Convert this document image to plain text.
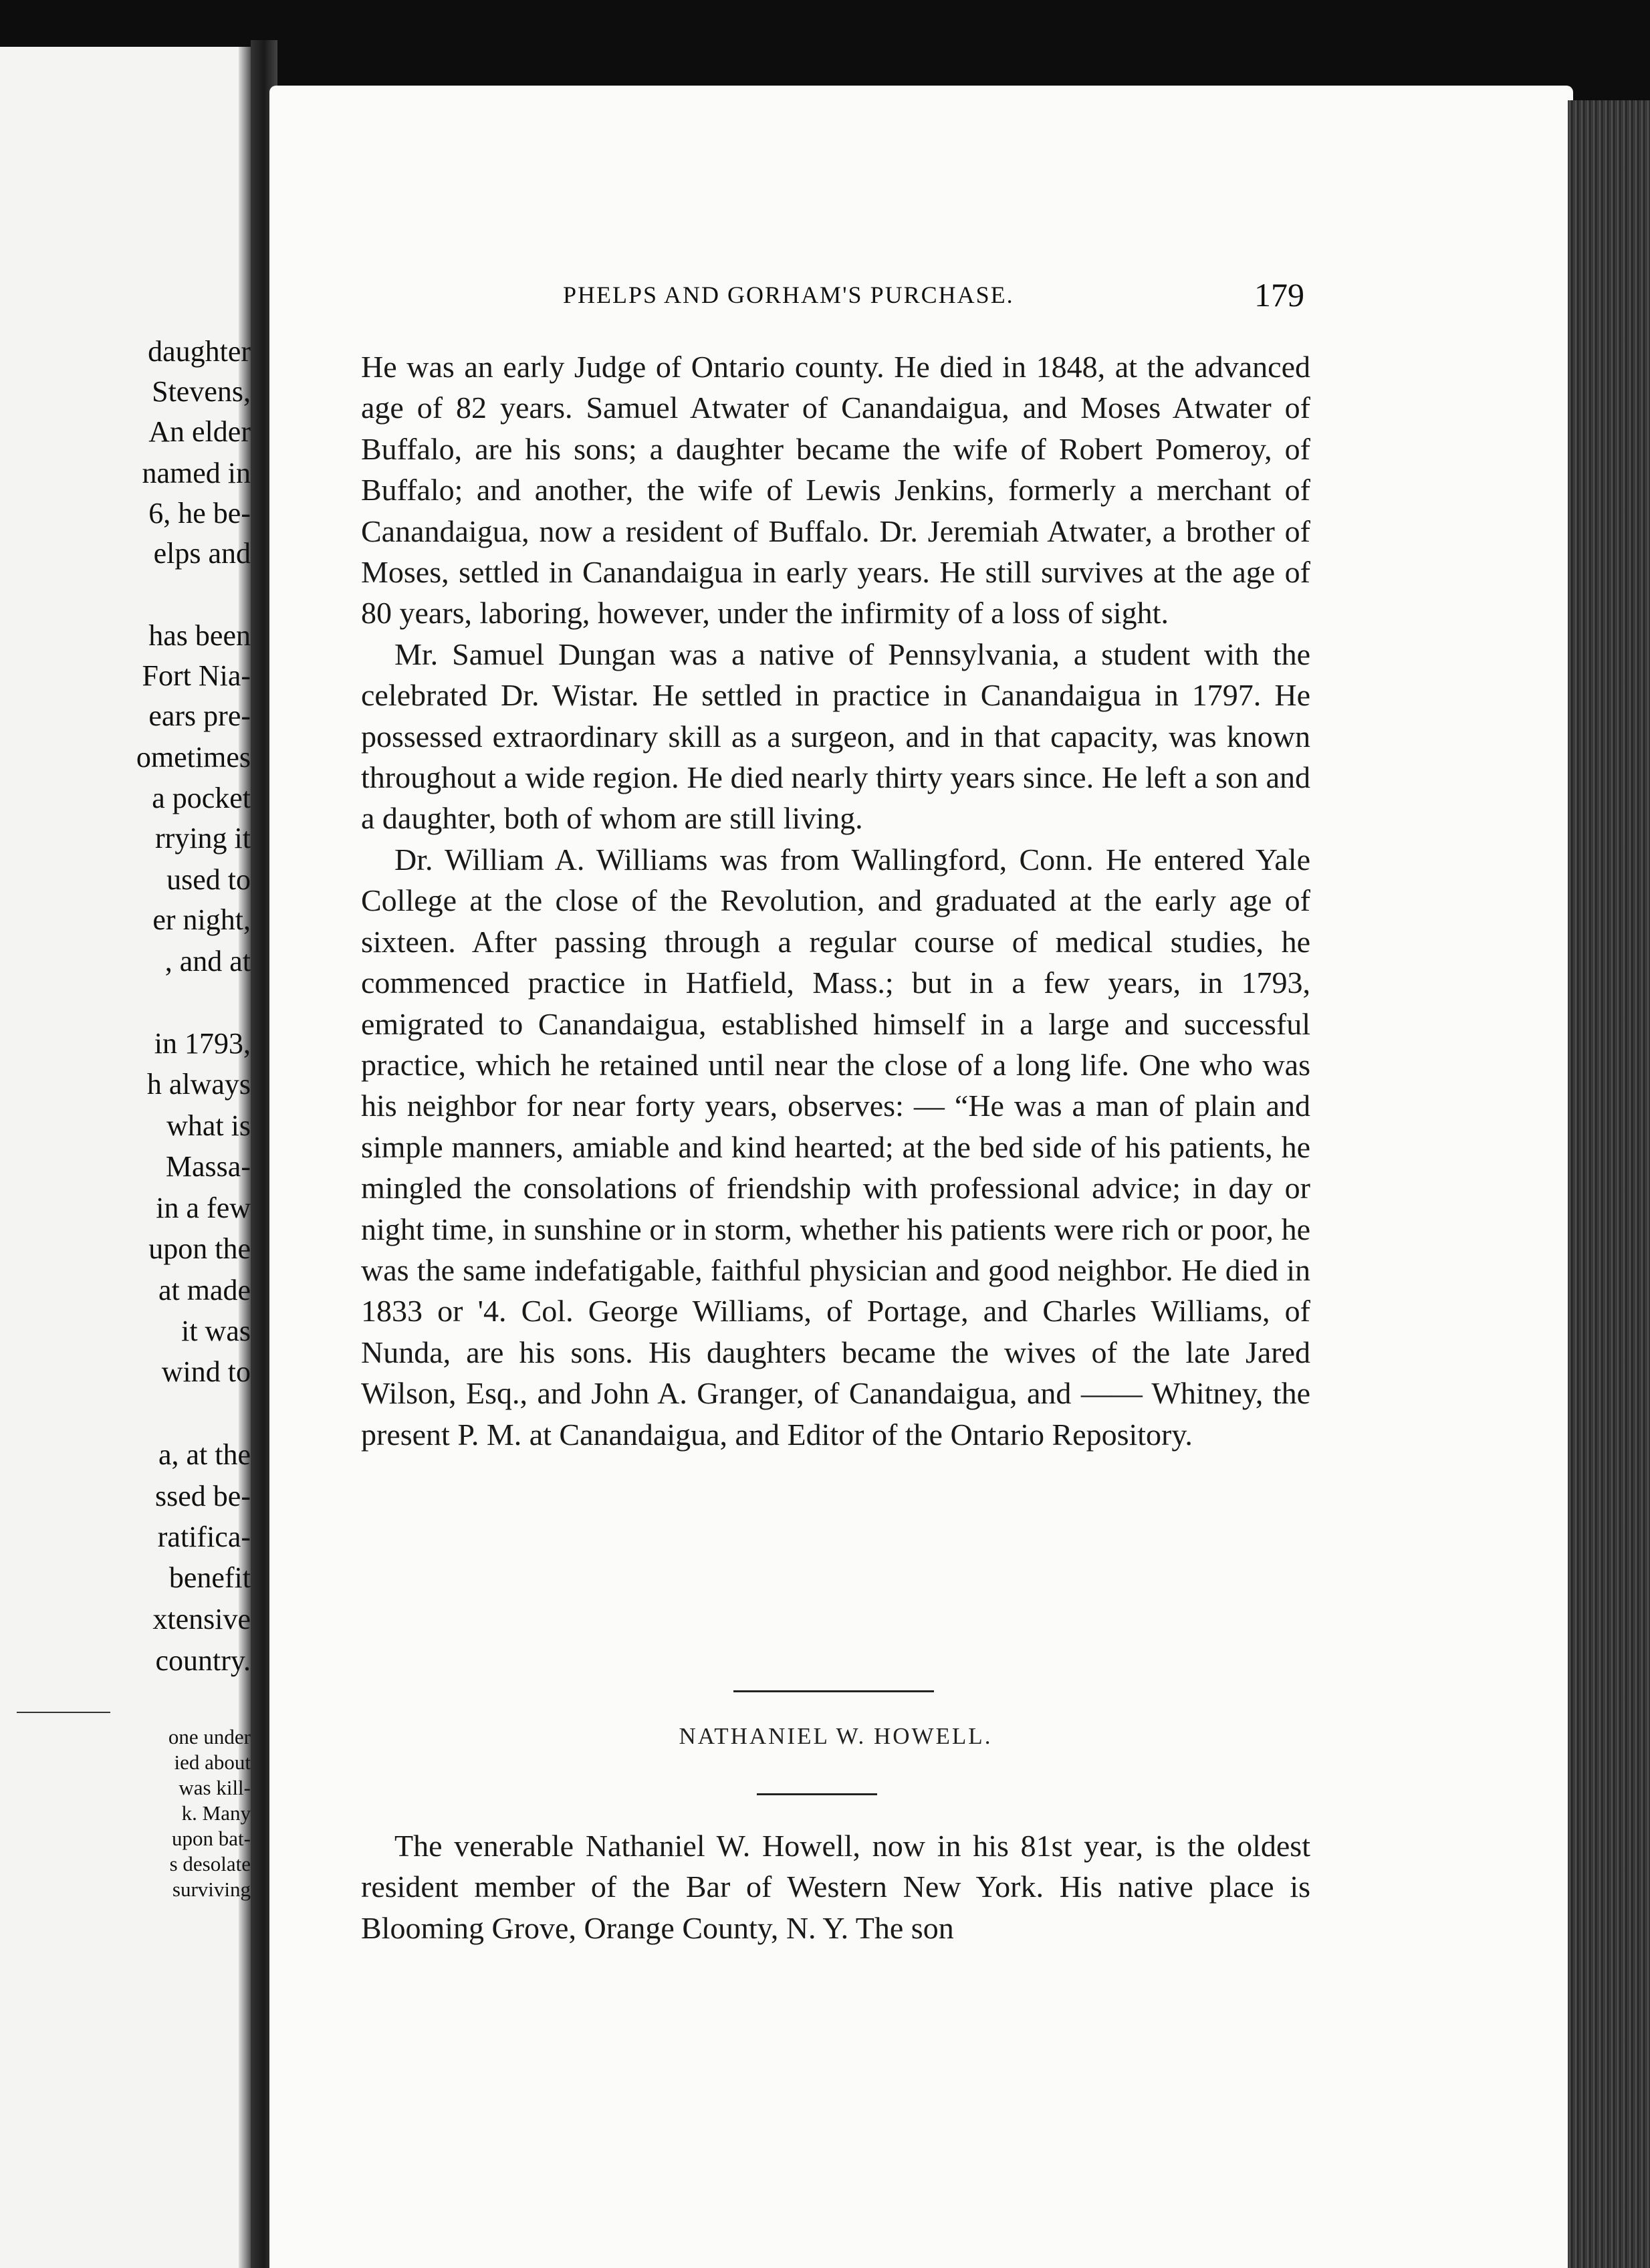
daughter
Stevens,
An elder
named in
6, he be-
elps and
has been
Fort Nia-
ears pre-
ometimes
a pocket
rrying it
used to
er night,
, and at
in 1793,
h always
what is
Massa-
in a few
upon the
at made
it was
wind to
a, at the
ssed be-
ratifica-
benefit
xtensive
country.
one under
ied about
was kill-
k. Many
upon bat-
s desolate
surviving
PHELPS AND GORHAM'S PURCHASE.	179

He was an early Judge of Ontario county. He died in 1848, at the advanced age of 82 years. Samuel Atwater of Canandaigua, and Moses Atwater of Buffalo, are his sons; a daughter became the wife of Robert Pomeroy, of Buffalo; and another, the wife of Lewis Jenkins, formerly a merchant of Canandaigua, now a resident of Buffalo. Dr. Jeremiah Atwater, a brother of Moses, settled in Canandaigua in early years. He still survives at the age of 80 years, laboring, however, under the infirmity of a loss of sight.

Mr. Samuel Dungan was a native of Pennsylvania, a student with the celebrated Dr. Wistar. He settled in practice in Canandaigua in 1797. He possessed extraordinary skill as a surgeon, and in that capacity, was known throughout a wide region. He died nearly thirty years since. He left a son and a daughter, both of whom are still living.

Dr. William A. Williams was from Wallingford, Conn. He entered Yale College at the close of the Revolution, and graduated at the early age of sixteen. After passing through a regular course of medical studies, he commenced practice in Hatfield, Mass.; but in a few years, in 1793, emigrated to Canandaigua, established himself in a large and successful practice, which he retained until near the close of a long life. One who was his neighbor for near forty years, observes: — “He was a man of plain and simple manners, amiable and kind hearted; at the bed side of his patients, he mingled the consolations of friendship with professional advice; in day or night time, in sunshine or in storm, whether his patients were rich or poor, he was the same indefatigable, faithful physician and good neighbor. He died in 1833 or '4. Col. George Williams, of Portage, and Charles Williams, of Nunda, are his sons. His daughters became the wives of the late Jared Wilson, Esq., and John A. Granger, of Canandaigua, and —— Whitney, the present P. M. at Canandaigua, and Editor of the Ontario Repository.

NATHANIEL W. HOWELL.

The venerable Nathaniel W. Howell, now in his 81st year, is the oldest resident member of the Bar of Western New York. His native place is Blooming Grove, Orange County, N. Y. The son
